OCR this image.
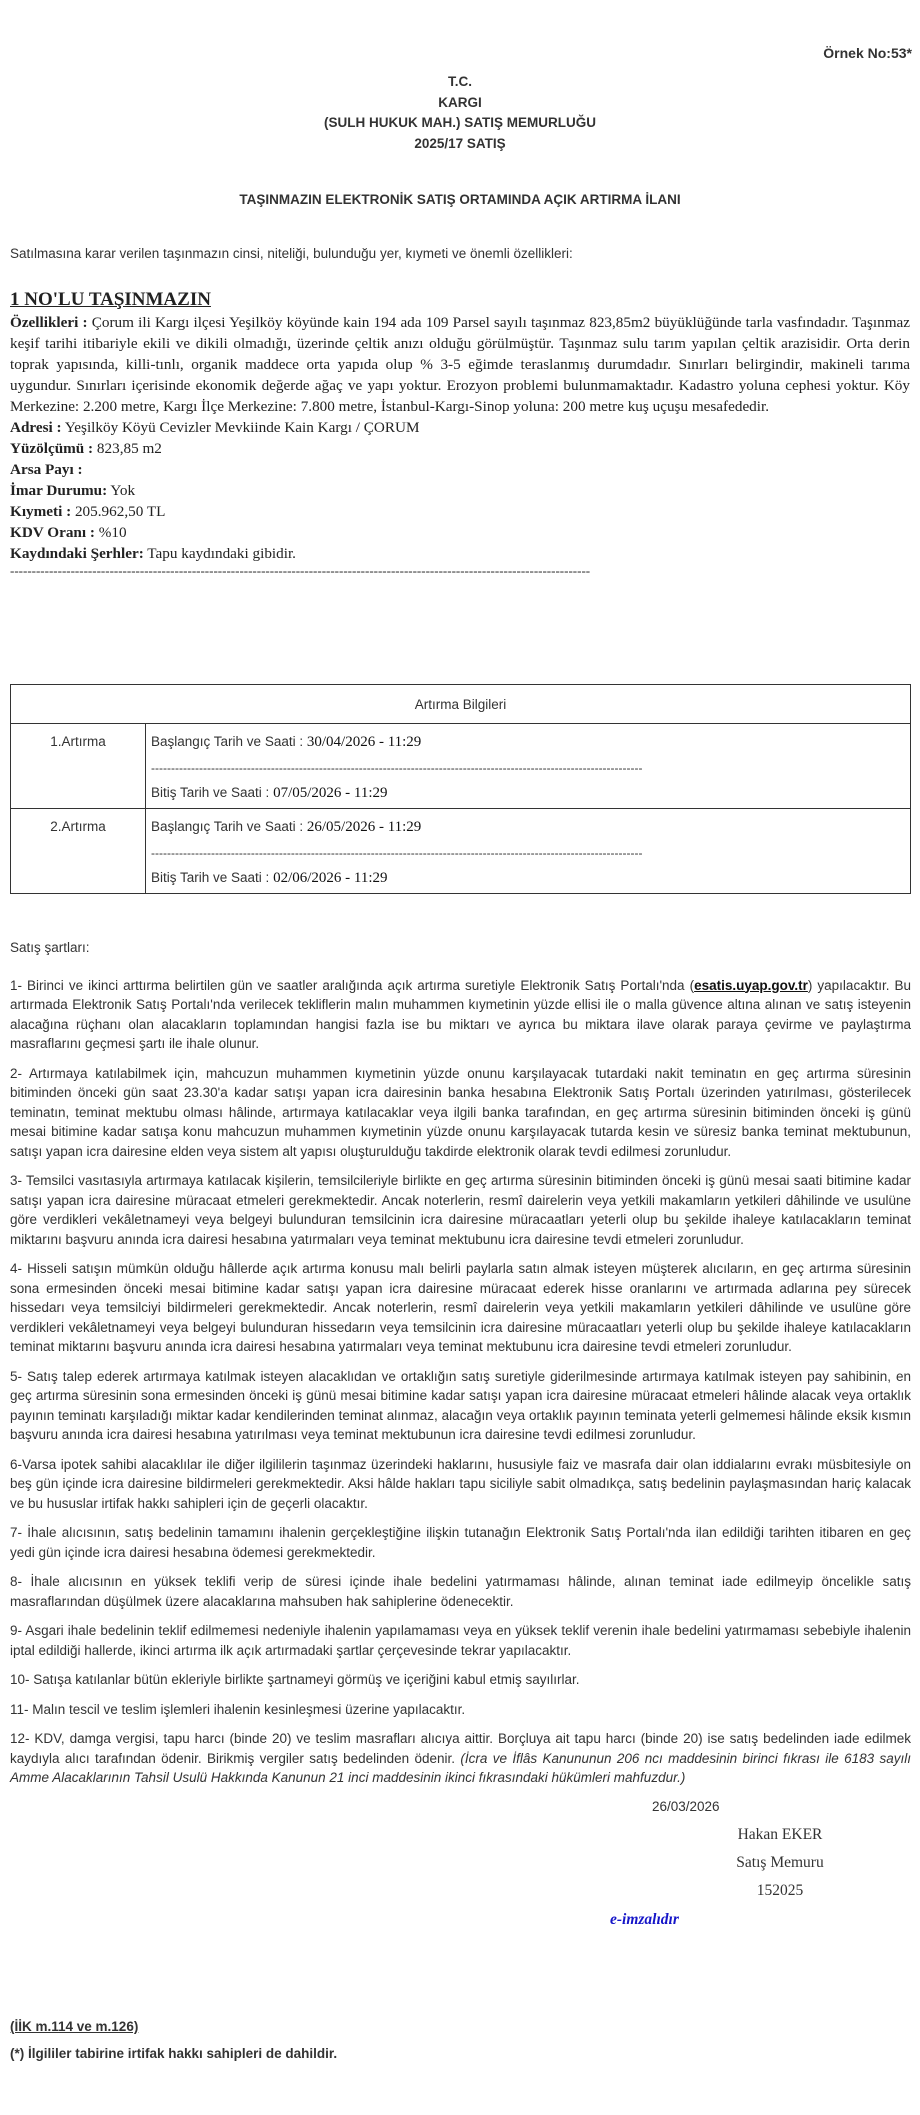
Örnek No:53*
T.C.
KARGI
(SULH HUKUK MAH.) SATIŞ MEMURLUĞU
2025/17 SATIŞ
TAŞINMAZIN ELEKTRONİK SATIŞ ORTAMINDA AÇIK ARTIRMA İLANI
Satılmasına karar verilen taşınmazın cinsi, niteliği, bulunduğu yer, kıymeti ve önemli özellikleri:
1 NO'LU TAŞINMAZIN
Özellikleri : Çorum ili Kargı ilçesi Yeşilköy köyünde kain 194 ada 109 Parsel sayılı taşınmaz 823,85m2 büyüklüğünde tarla vasfındadır. Taşınmaz keşif tarihi itibariyle ekili ve dikili olmadığı, üzerinde çeltik anızı olduğu görülmüştür. Taşınmaz sulu tarım yapılan çeltik arazisidir. Orta derin toprak yapısında, killi-tınlı, organik maddece orta yapıda olup % 3-5 eğimde teraslanmış durumdadır. Sınırları belirgindir, makineli tarıma uygundur. Sınırları içerisinde ekonomik değerde ağaç ve yapı yoktur. Erozyon problemi bulunmamaktadır. Kadastro yoluna cephesi yoktur. Köy Merkezine: 2.200 metre, Kargı İlçe Merkezine: 7.800 metre, İstanbul-Kargı-Sinop yoluna: 200 metre kuş uçuşu mesafededir.
Adresi : Yeşilköy Köyü Cevizler Mevkiinde Kain Kargı / ÇORUM
Yüzölçümü : 823,85 m2
Arsa Payı :
İmar Durumu: Yok
Kıymeti : 205.962,50 TL
KDV Oranı : %10
Kaydındaki Şerhler: Tapu kaydındaki gibidir.
--------------------------------------------------------------------------------------------------------------------------------------
Artırma Bilgileri	
1.Artırma	Başlangıç Tarih ve Saati : 30/04/2026 - 11:29
---------------------------------------------------------------------------------------------------------------------------
Bitiş Tarih ve Saati : 07/05/2026 - 11:29

2.Artırma	Başlangıç Tarih ve Saati : 26/05/2026 - 11:29
---------------------------------------------------------------------------------------------------------------------------
Bitiş Tarih ve Saati : 02/06/2026 - 11:29

Satış şartları:

1- Birinci ve ikinci arttırma belirtilen gün ve saatler aralığında açık artırma suretiyle Elektronik Satış Portalı'nda (esatis.uyap.gov.tr) yapılacaktır. Bu artırmada Elektronik Satış Portalı'nda verilecek tekliflerin malın muhammen kıymetinin yüzde ellisi ile o malla güvence altına alınan ve satış isteyenin alacağına rüçhanı olan alacakların toplamından hangisi fazla ise bu miktarı ve ayrıca bu miktara ilave olarak paraya çevirme ve paylaştırma masraflarını geçmesi şartı ile ihale olunur.

2- Artırmaya katılabilmek için, mahcuzun muhammen kıymetinin yüzde onunu karşılayacak tutardaki nakit teminatın en geç artırma süresinin bitiminden önceki gün saat 23.30'a kadar satışı yapan icra dairesinin banka hesabına Elektronik Satış Portalı üzerinden yatırılması, gösterilecek teminatın, teminat mektubu olması hâlinde, artırmaya katılacaklar veya ilgili banka tarafından, en geç artırma süresinin bitiminden önceki iş günü mesai bitimine kadar satışa konu mahcuzun muhammen kıymetinin yüzde onunu karşılayacak tutarda kesin ve süresiz banka teminat mektubunun, satışı yapan icra dairesine elden veya sistem alt yapısı oluşturulduğu takdirde elektronik olarak tevdi edilmesi zorunludur.

3- Temsilci vasıtasıyla artırmaya katılacak kişilerin, temsilcileriyle birlikte en geç artırma süresinin bitiminden önceki iş günü mesai saati bitimine kadar satışı yapan icra dairesine müracaat etmeleri gerekmektedir. Ancak noterlerin, resmî dairelerin veya yetkili makamların yetkileri dâhilinde ve usulüne göre verdikleri vekâletnameyi veya belgeyi bulunduran temsilcinin icra dairesine müracaatları yeterli olup bu şekilde ihaleye katılacakların teminat miktarını başvuru anında icra dairesi hesabına yatırmaları veya teminat mektubunu icra dairesine tevdi etmeleri zorunludur.

4- Hisseli satışın mümkün olduğu hâllerde açık artırma konusu malı belirli paylarla satın almak isteyen müşterek alıcıların, en geç artırma süresinin sona ermesinden önceki mesai bitimine kadar satışı yapan icra dairesine müracaat ederek hisse oranlarını ve artırmada adlarına pey sürecek hissedarı veya temsilciyi bildirmeleri gerekmektedir. Ancak noterlerin, resmî dairelerin veya yetkili makamların yetkileri dâhilinde ve usulüne göre verdikleri vekâletnameyi veya belgeyi bulunduran hissedarın veya temsilcinin icra dairesine müracaatları yeterli olup bu şekilde ihaleye katılacakların teminat miktarını başvuru anında icra dairesi hesabına yatırmaları veya teminat mektubunu icra dairesine tevdi etmeleri zorunludur.

5- Satış talep ederek artırmaya katılmak isteyen alacaklıdan ve ortaklığın satış suretiyle giderilmesinde artırmaya katılmak isteyen pay sahibinin, en geç artırma süresinin sona ermesinden önceki iş günü mesai bitimine kadar satışı yapan icra dairesine müracaat etmeleri hâlinde alacak veya ortaklık payının teminatı karşıladığı miktar kadar kendilerinden teminat alınmaz, alacağın veya ortaklık payının teminata yeterli gelmemesi hâlinde eksik kısmın başvuru anında icra dairesi hesabına yatırılması veya teminat mektubunun icra dairesine tevdi edilmesi zorunludur.

6-Varsa ipotek sahibi alacaklılar ile diğer ilgililerin taşınmaz üzerindeki haklarını, hususiyle faiz ve masrafa dair olan iddialarını evrakı müsbitesiyle on beş gün içinde icra dairesine bildirmeleri gerekmektedir. Aksi hâlde hakları tapu siciliyle sabit olmadıkça, satış bedelinin paylaşmasından hariç kalacak ve bu hususlar irtifak hakkı sahipleri için de geçerli olacaktır.

7- İhale alıcısının, satış bedelinin tamamını ihalenin gerçekleştiğine ilişkin tutanağın Elektronik Satış Portalı'nda ilan edildiği tarihten itibaren en geç yedi gün içinde icra dairesi hesabına ödemesi gerekmektedir.

8- İhale alıcısının en yüksek teklifi verip de süresi içinde ihale bedelini yatırmaması hâlinde, alınan teminat iade edilmeyip öncelikle satış masraflarından düşülmek üzere alacaklarına mahsuben hak sahiplerine ödenecektir.

9- Asgari ihale bedelinin teklif edilmemesi nedeniyle ihalenin yapılamaması veya en yüksek teklif verenin ihale bedelini yatırmaması sebebiyle ihalenin iptal edildiği hallerde, ikinci artırma ilk açık artırmadaki şartlar çerçevesinde tekrar yapılacaktır.

10- Satışa katılanlar bütün ekleriyle birlikte şartnameyi görmüş ve içeriğini kabul etmiş sayılırlar.

11- Malın tescil ve teslim işlemleri ihalenin kesinleşmesi üzerine yapılacaktır.

12- KDV, damga vergisi, tapu harcı (binde 20) ve teslim masrafları alıcıya aittir. Borçluya ait tapu harcı (binde 20) ise satış bedelinden iade edilmek kaydıyla alıcı tarafından ödenir. Birikmiş vergiler satış bedelinden ödenir. (İcra ve İflâs Kanununun 206 ncı maddesinin birinci fıkrası ile 6183 sayılı Amme Alacaklarının Tahsil Usulü Hakkında Kanunun 21 inci maddesinin ikinci fıkrasındaki hükümleri mahfuzdur.)

26/03/2026
Hakan EKER
Satış Memuru
152025
e-imzalıdır
(İİK m.114 ve m.126)
(*) İlgililer tabirine irtifak hakkı sahipleri de dahildir.
